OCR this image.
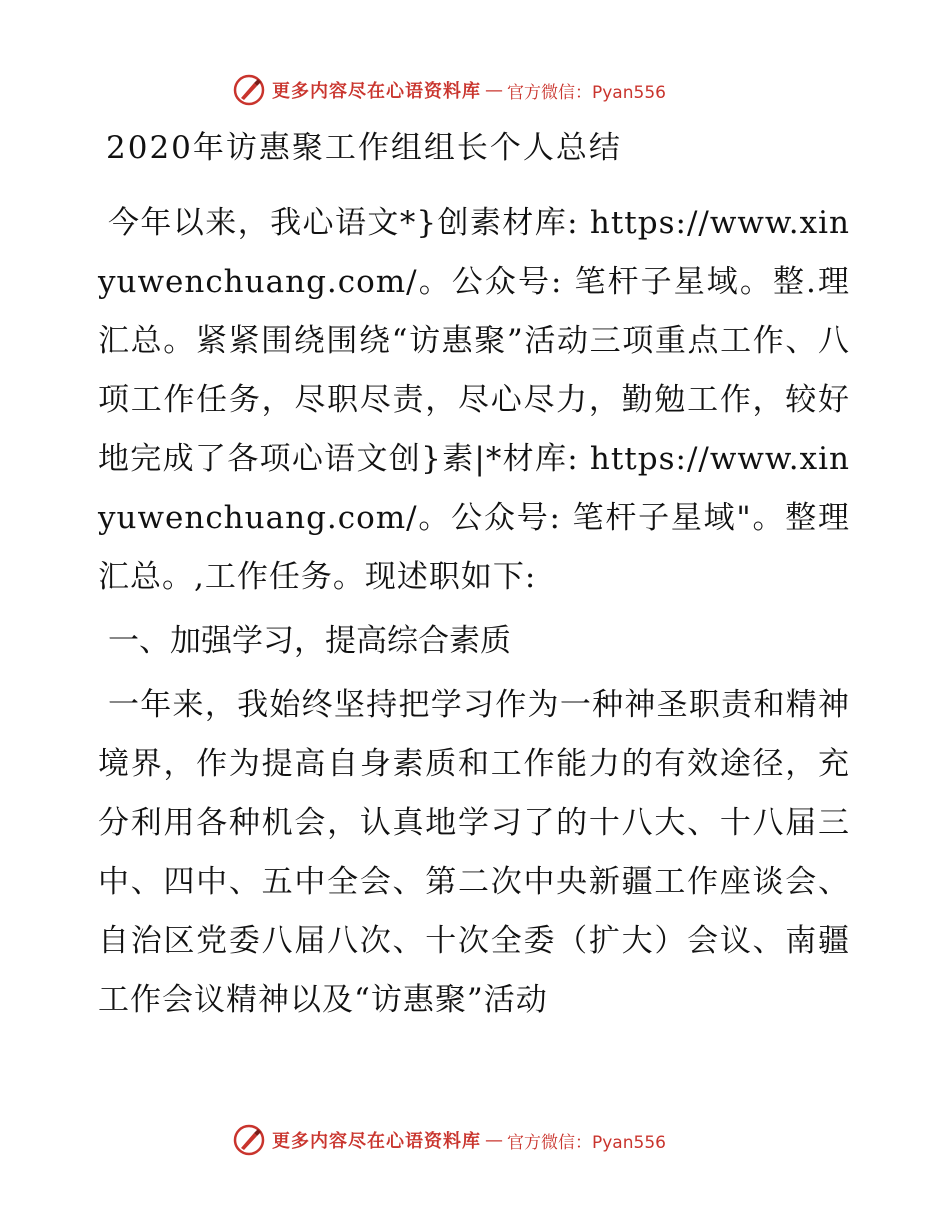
更多内容尽在心语资料库 — 官方微信：Pyan556
2020年访惠聚工作组组长个人总结

今年以来，我心语文*}创素材库: https://www.xinyuwenchuang.com/。公众号: 笔杆子星域。整.理汇总。紧紧围绕围绕“访惠聚”活动三项重点工作、八项工作任务，尽职尽责，尽心尽力，勤勉工作，较好地完成了各项心语文创}素|*材库: https://www.xinyuwenchuang.com/。公众号: 笔杆子星域"。整理汇总。,工作任务。现述职如下:

一、加强学习，提高综合素质

一年来，我始终坚持把学习作为一种神圣职责和精神境界，作为提高自身素质和工作能力的有效途径，充分利用各种机会，认真地学习了的十八大、十八届三中、四中、五中全会、第二次中央新疆工作座谈会、自治区党委八届八次、十次全委（扩大）会议、南疆工作会议精神以及“访惠聚”活动

更多内容尽在心语资料库 — 官方微信：Pyan556
